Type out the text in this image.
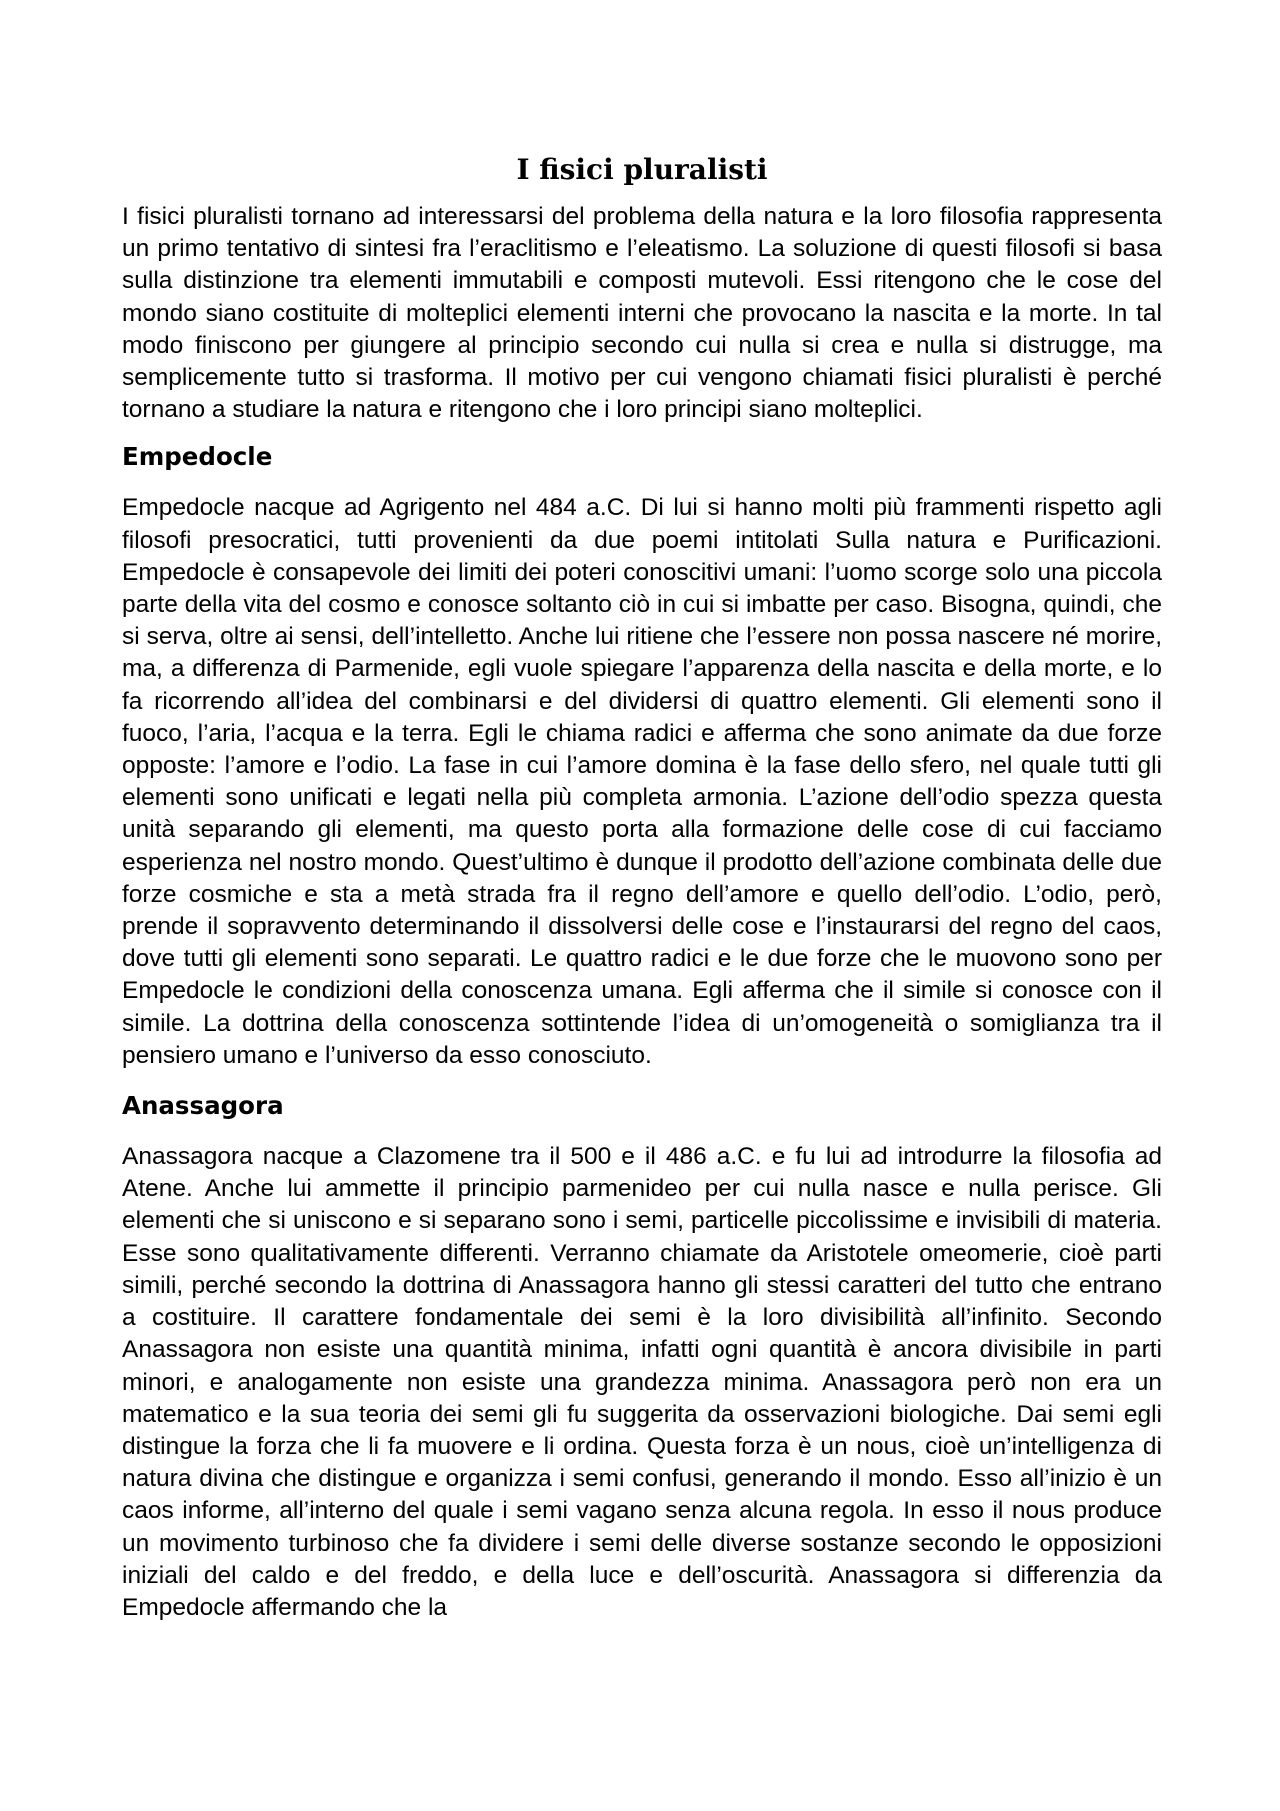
I fisici pluralisti

I fisici pluralisti tornano ad interessarsi del problema della natura e la loro filosofia rappresenta un primo tentativo di sintesi fra l’eraclitismo e l’eleatismo. La soluzione di questi filosofi si basa sulla distinzione tra elementi immutabili e composti mutevoli. Essi ritengono che le cose del mondo siano costituite di molteplici elementi interni che provocano la nascita e la morte. In tal modo finiscono per giungere al principio secondo cui nulla si crea e nulla si distrugge, ma semplicemente tutto si trasforma. Il motivo per cui vengono chiamati fisici pluralisti è perché tornano a studiare la natura e ritengono che i loro principi siano molteplici.

Empedocle

Empedocle nacque ad Agrigento nel 484 a.C. Di lui si hanno molti più frammenti rispetto agli filosofi presocratici, tutti provenienti da due poemi intitolati Sulla natura e Purificazioni. Empedocle è consapevole dei limiti dei poteri conoscitivi umani: l’uomo scorge solo una piccola parte della vita del cosmo e conosce soltanto ciò in cui si imbatte per caso. Bisogna, quindi, che si serva, oltre ai sensi, dell’intelletto. Anche lui ritiene che l’essere non possa nascere né morire, ma, a differenza di Parmenide, egli vuole spiegare l’apparenza della nascita e della morte, e lo fa ricorrendo all’idea del combinarsi e del dividersi di quattro elementi. Gli elementi sono il fuoco, l’aria, l’acqua e la terra. Egli le chiama radici e afferma che sono animate da due forze opposte: l’amore e l’odio. La fase in cui l’amore domina è la fase dello sfero, nel quale tutti gli elementi sono unificati e legati nella più completa armonia. L’azione dell’odio spezza questa unità separando gli elementi, ma questo porta alla formazione delle cose di cui facciamo esperienza nel nostro mondo. Quest’ultimo è dunque il prodotto dell’azione combinata delle due forze cosmiche e sta a metà strada fra il regno dell’amore e quello dell’odio. L’odio, però, prende il sopravvento determinando il dissolversi delle cose e l’instaurarsi del regno del caos, dove tutti gli elementi sono separati. Le quattro radici e le due forze che le muovono sono per Empedocle le condizioni della conoscenza umana. Egli afferma che il simile si conosce con il simile. La dottrina della conoscenza sottintende l’idea di un’omogeneità o somiglianza tra il pensiero umano e l’universo da esso conosciuto.

Anassagora

Anassagora nacque a Clazomene tra il 500 e il 486 a.C. e fu lui ad introdurre la filosofia ad Atene. Anche lui ammette il principio parmenideo per cui nulla nasce e nulla perisce. Gli elementi che si uniscono e si separano sono i semi, particelle piccolissime e invisibili di materia. Esse sono qualitativamente differenti. Verranno chiamate da Aristotele omeomerie, cioè parti simili, perché secondo la dottrina di Anassagora hanno gli stessi caratteri del tutto che entrano a costituire. Il carattere fondamentale dei semi è la loro divisibilità all’infinito. Secondo Anassagora non esiste una quantità minima, infatti ogni quantità è ancora divisibile in parti minori, e analogamente non esiste una grandezza minima. Anassagora però non era un matematico e la sua teoria dei semi gli fu suggerita da osservazioni biologiche. Dai semi egli distingue la forza che li fa muovere e li ordina. Questa forza è un nous, cioè un’intelligenza di natura divina che distingue e organizza i semi confusi, generando il mondo. Esso all’inizio è un caos informe, all’interno del quale i semi vagano senza alcuna regola. In esso il nous produce un movimento turbinoso che fa dividere i semi delle diverse sostanze secondo le opposizioni iniziali del caldo e del freddo, e della luce e dell’oscurità. Anassagora si differenzia da Empedocle affermando che la
